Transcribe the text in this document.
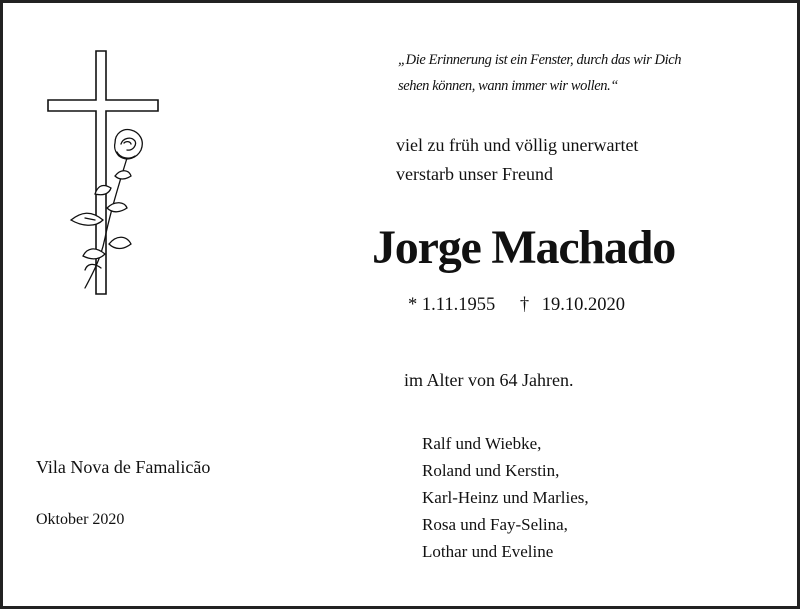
„Die Erinnerung ist ein Fenster, durch das wir Dich
sehen können, wann immer wir wollen.“
viel zu früh und völlig unerwartet
verstarb unser Freund
Jorge Machado
* 1.11.1955 † 19.10.2020
im Alter von 64 Jahren.
Vila Nova de Famalicão
Oktober 2020
Ralf und Wiebke,
Roland und Kerstin,
Karl-Heinz und Marlies,
Rosa und Fay-Selina,
Lothar und Eveline
